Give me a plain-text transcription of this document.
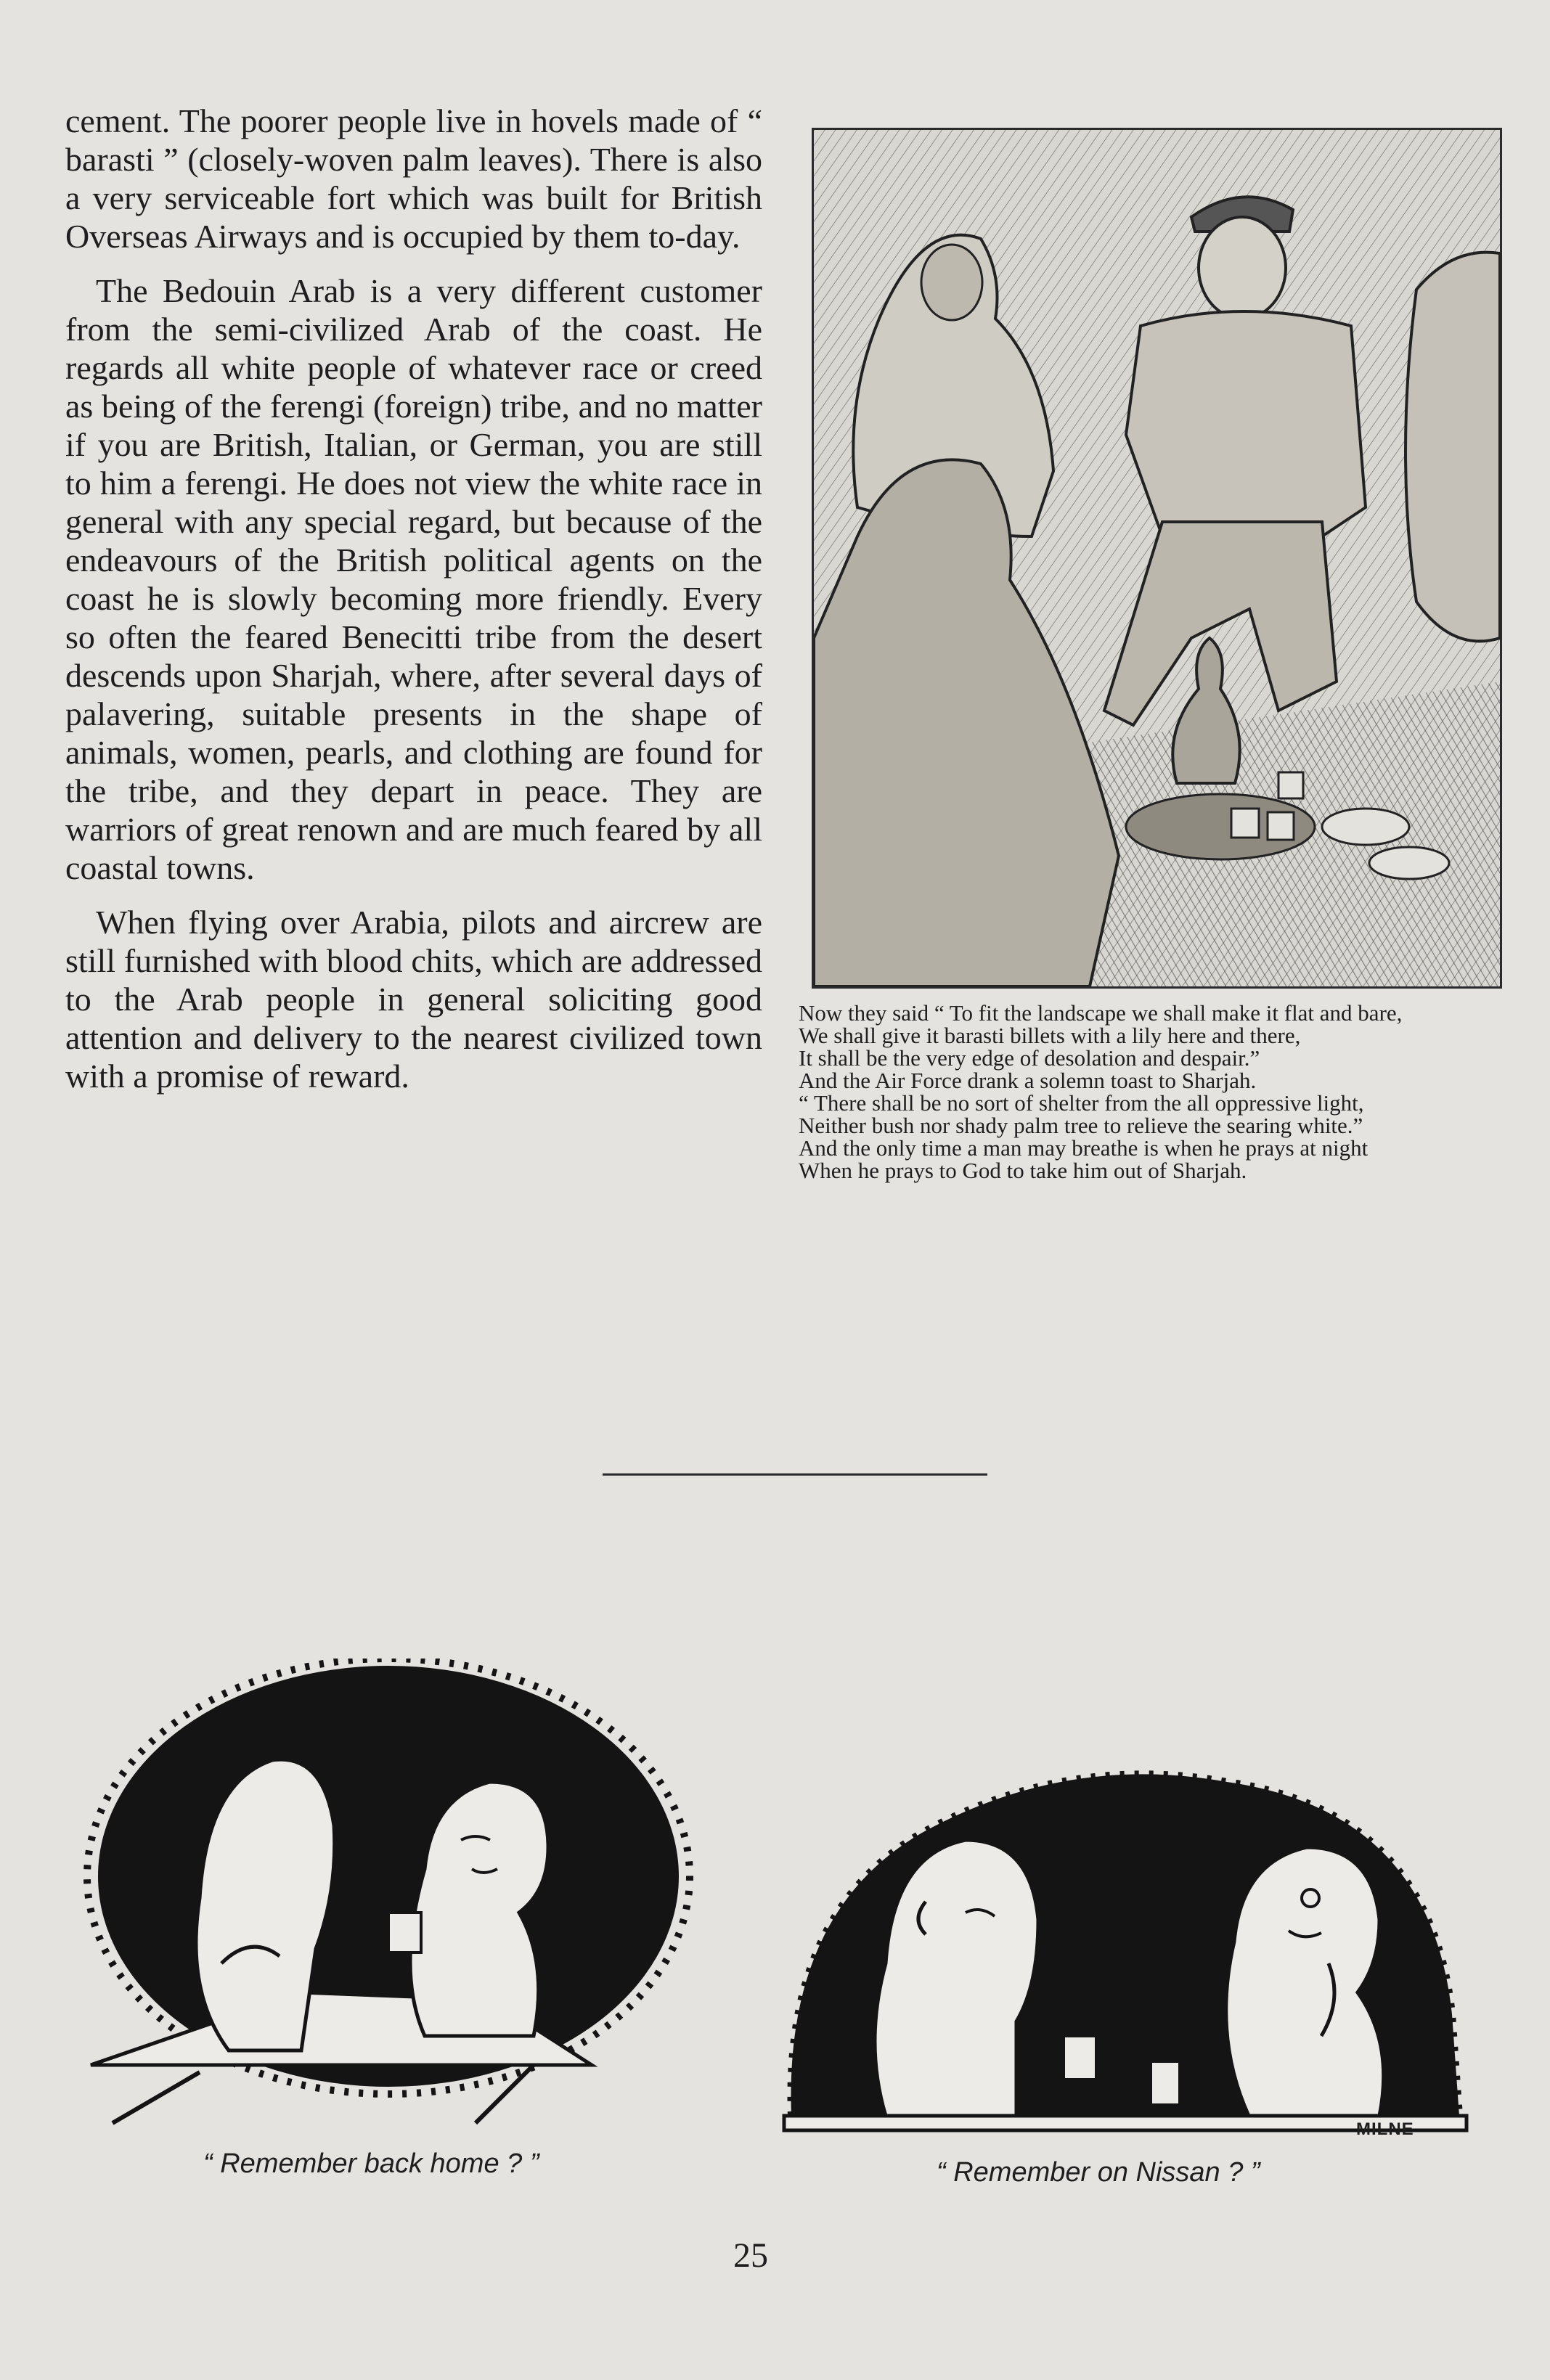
cement. The poorer people live in hovels made of “ barasti ” (closely-woven palm leaves). There is also a very serviceable fort which was built for British Overseas Airways and is occupied by them to-day.

The Bedouin Arab is a very different customer from the semi-civilized Arab of the coast. He regards all white people of whatever race or creed as being of the ferengi (foreign) tribe, and no matter if you are British, Italian, or German, you are still to him a ferengi. He does not view the white race in general with any special regard, but because of the endeavours of the British political agents on the coast he is slowly becoming more friendly. Every so often the feared Benecitti tribe from the desert descends upon Sharjah, where, after several days of palavering, suitable presents in the shape of animals, women, pearls, and clothing are found for the tribe, and they depart in peace. They are warriors of great renown and are much feared by all coastal towns.

When flying over Arabia, pilots and aircrew are still furnished with blood chits, which are addressed to the Arab people in general soliciting good attention and delivery to the nearest civilized town with a promise of reward.

Now they said “ To fit the landscape we shall make it flat and bare,

We shall give it barasti billets with a lily here and there,

It shall be the very edge of desolation and despair.”

And the Air Force drank a solemn toast to Sharjah.

“ There shall be no sort of shelter from the all oppressive light,

Neither bush nor shady palm tree to relieve the searing white.”

And the only time a man may breathe is when he prays at night

When he prays to God to take him out of Sharjah.

“ Remember back home ? ”	“ Remember on Nissan ? ”
MILNE
25
